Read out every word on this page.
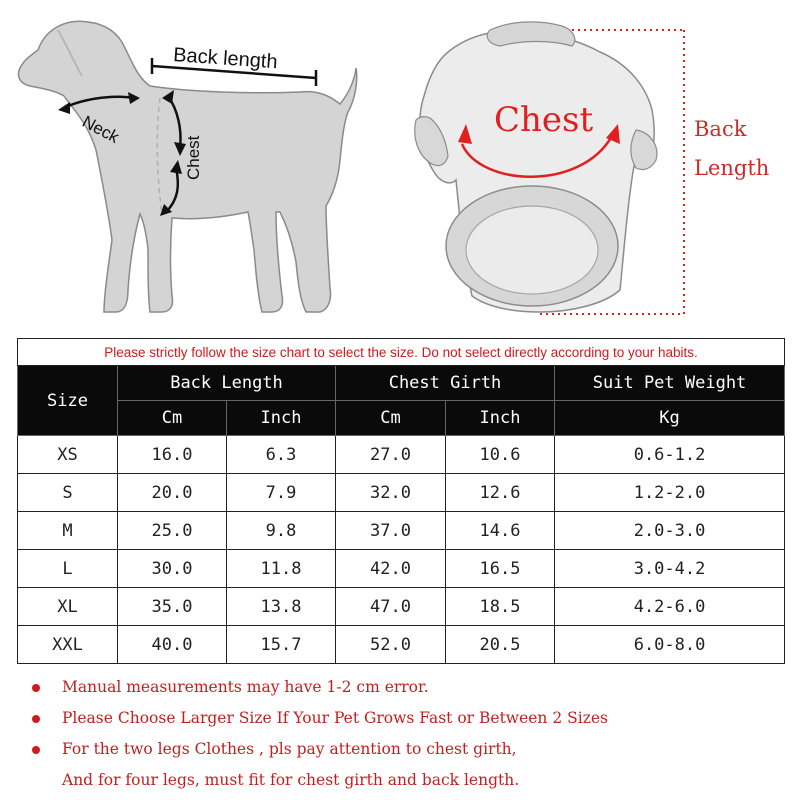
Back length
Neck
Chest
Chest	Back
Length
Please strictly follow the size chart to select the size. Do not select directly according to your habits.					
Size	Back Length		Chest Girth		Suit Pet Weight
	Cm	Inch	Cm	Inch	Kg
XS	16.0	6.3	27.0	10.6	0.6-1.2
S	20.0	7.9	32.0	12.6	1.2-2.0
M	25.0	9.8	37.0	14.6	2.0-3.0
L	30.0	11.8	42.0	16.5	3.0-4.2
XL	35.0	13.8	47.0	18.5	4.2-6.0
XXL	40.0	15.7	52.0	20.5	6.0-8.0
Manual measurements may have 1-2 cm error.
Please Choose Larger Size If Your Pet Grows Fast or Between 2 Sizes
For the two legs Clothes , pls pay attention to chest girth,
And for four legs, must fit for chest girth and back length.
